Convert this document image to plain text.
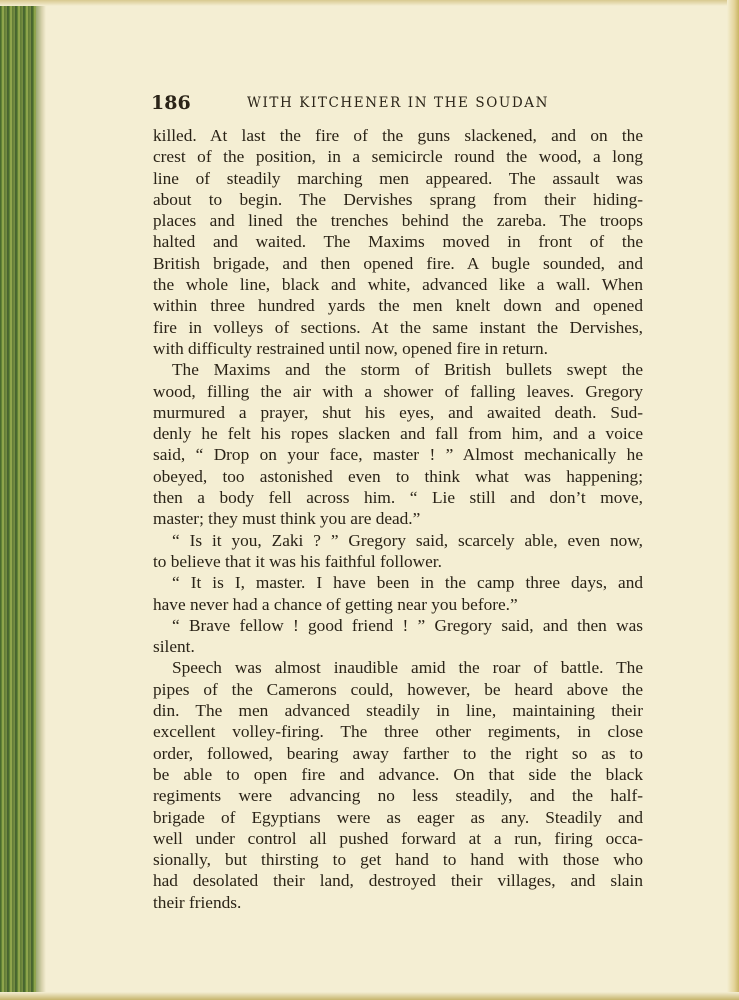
186	WITH KITCHENER IN THE SOUDAN
killed. At last the fire of the guns slackened, and on the
crest of the position, in a semicircle round the wood, a long
line of steadily marching men appeared. The assault was
about to begin. The Dervishes sprang from their hiding-
places and lined the trenches behind the zareba. The troops
halted and waited. The Maxims moved in front of the
British brigade, and then opened fire. A bugle sounded, and
the whole line, black and white, advanced like a wall. When
within three hundred yards the men knelt down and opened
fire in volleys of sections. At the same instant the Dervishes,
with difficulty restrained until now, opened fire in return.
The Maxims and the storm of British bullets swept the
wood, filling the air with a shower of falling leaves. Gregory
murmured a prayer, shut his eyes, and awaited death. Sud-
denly he felt his ropes slacken and fall from him, and a voice
said, “ Drop on your face, master ! ” Almost mechanically he
obeyed, too astonished even to think what was happening;
then a body fell across him. “ Lie still and don’t move,
master; they must think you are dead.”
“ Is it you, Zaki ? ” Gregory said, scarcely able, even now,
to believe that it was his faithful follower.
“ It is I, master. I have been in the camp three days, and
have never had a chance of getting near you before.”
“ Brave fellow ! good friend ! ” Gregory said, and then was
silent.
Speech was almost inaudible amid the roar of battle. The
pipes of the Camerons could, however, be heard above the
din. The men advanced steadily in line, maintaining their
excellent volley-firing. The three other regiments, in close
order, followed, bearing away farther to the right so as to
be able to open fire and advance. On that side the black
regiments were advancing no less steadily, and the half-
brigade of Egyptians were as eager as any. Steadily and
well under control all pushed forward at a run, firing occa-
sionally, but thirsting to get hand to hand with those who
had desolated their land, destroyed their villages, and slain
their friends.
